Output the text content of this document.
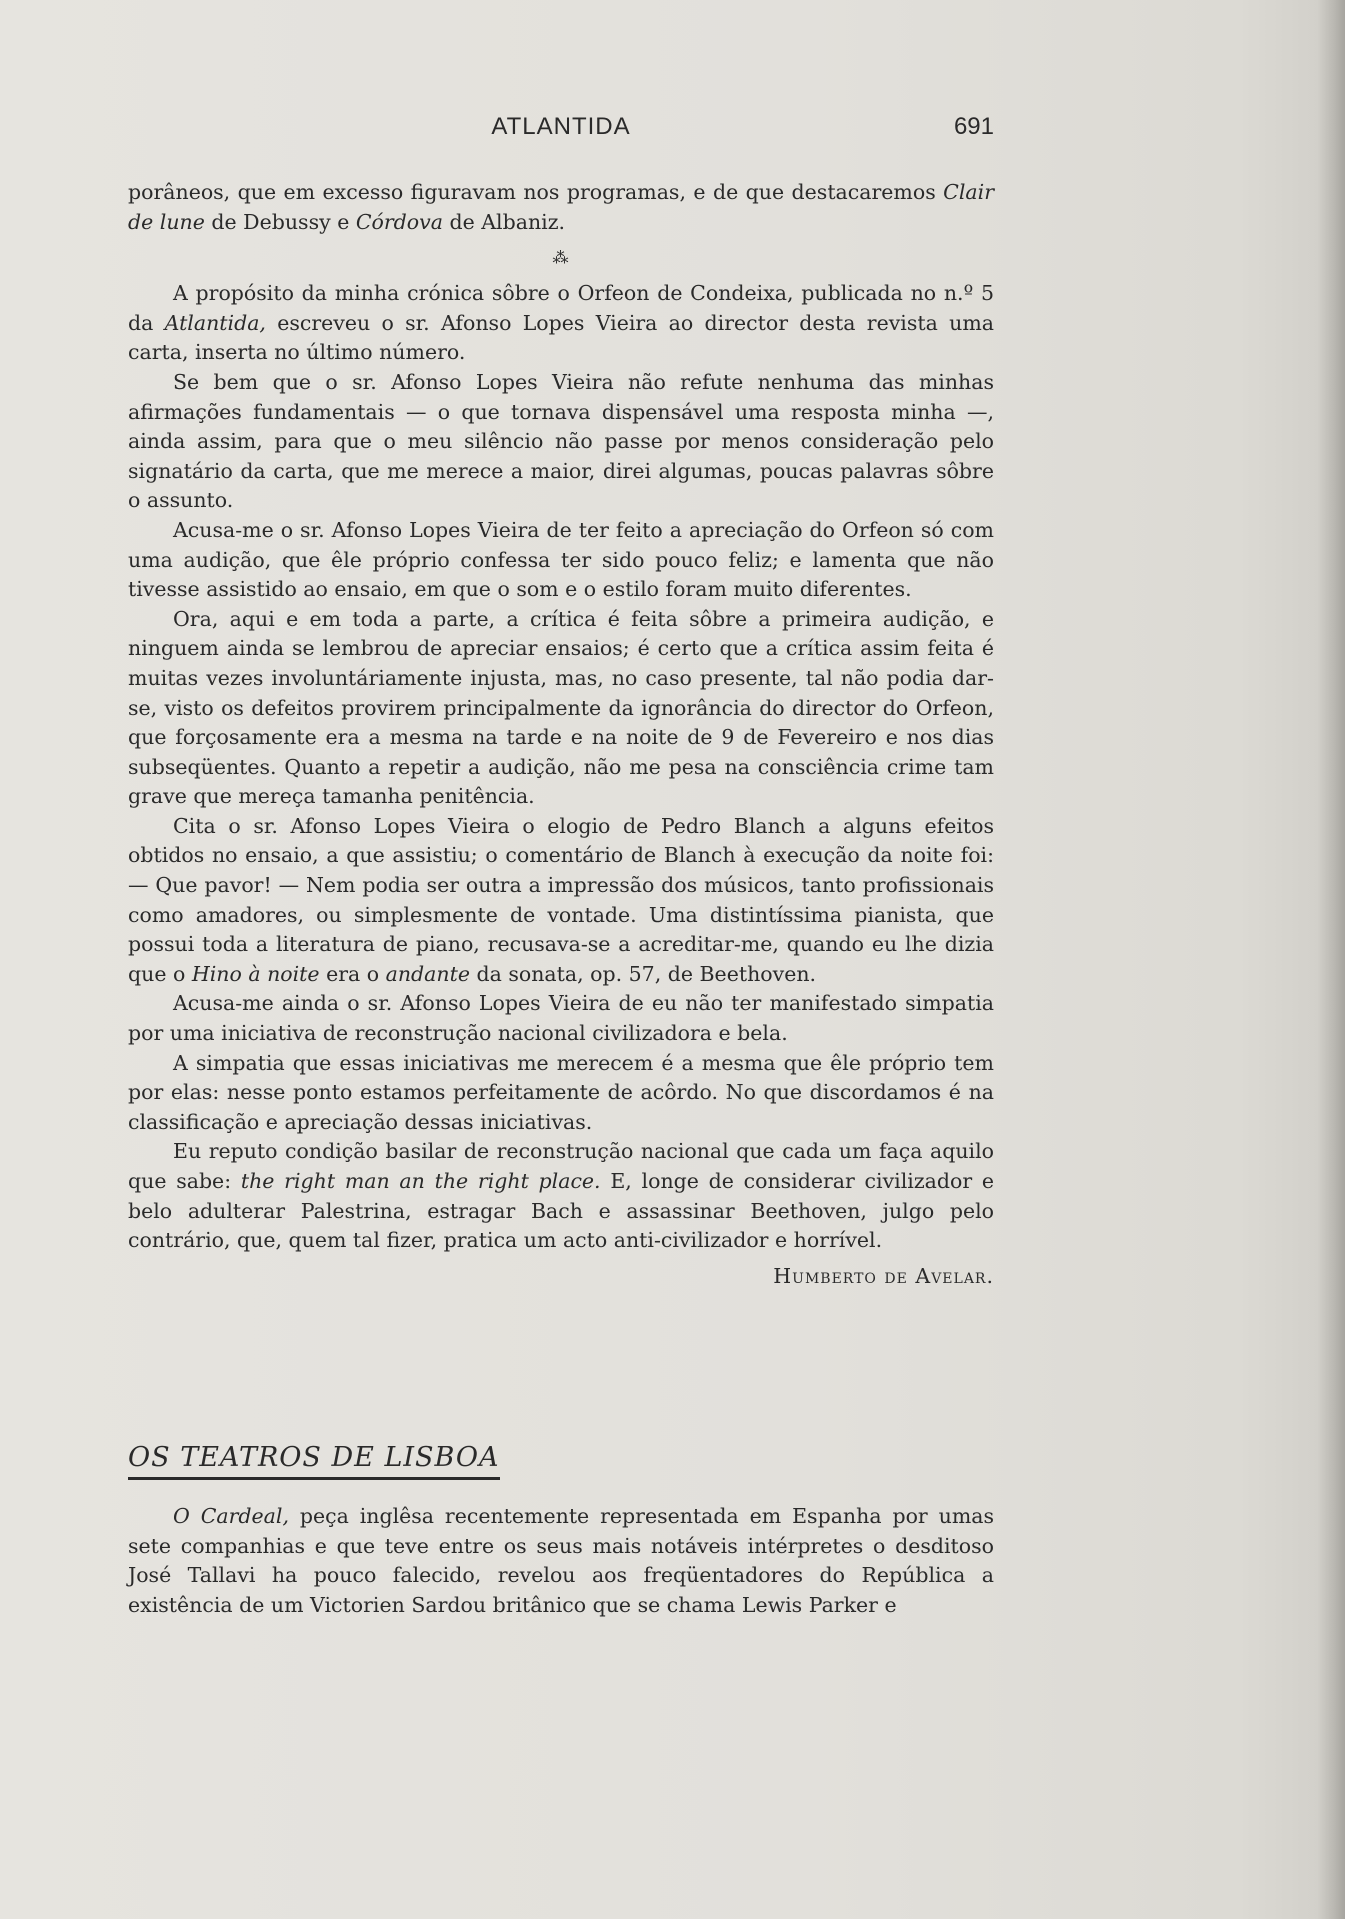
ATLANTIDA	691

porâneos, que em excesso figuravam nos programas, e de que destacaremos Clair de lune de Debussy e Córdova de Albaniz.

⁂

A propósito da minha crónica sôbre o Orfeon de Condeixa, publicada no n.º 5 da Atlantida, escreveu o sr. Afonso Lopes Vieira ao director desta revista uma carta, inserta no último número.

Se bem que o sr. Afonso Lopes Vieira não refute nenhuma das minhas afirmações fundamentais — o que tornava dispensável uma resposta minha —, ainda assim, para que o meu silêncio não passe por menos consideração pelo signatário da carta, que me merece a maior, direi algumas, poucas palavras sôbre o assunto.

Acusa-me o sr. Afonso Lopes Vieira de ter feito a apreciação do Orfeon só com uma audição, que êle próprio confessa ter sido pouco feliz; e lamenta que não tivesse assistido ao ensaio, em que o som e o estilo foram muito diferentes.

Ora, aqui e em toda a parte, a crítica é feita sôbre a primeira audição, e ninguem ainda se lembrou de apreciar ensaios; é certo que a crítica assim feita é muitas vezes involuntáriamente injusta, mas, no caso presente, tal não podia dar-se, visto os defeitos provirem principalmente da ignorância do director do Orfeon, que forçosamente era a mesma na tarde e na noite de 9 de Fevereiro e nos dias subseqüentes. Quanto a repetir a audição, não me pesa na consciência crime tam grave que mereça tamanha penitência.

Cita o sr. Afonso Lopes Vieira o elogio de Pedro Blanch a alguns efeitos obtidos no ensaio, a que assistiu; o comentário de Blanch à execução da noite foi: — Que pavor! — Nem podia ser outra a impressão dos músicos, tanto profissionais como amadores, ou simplesmente de vontade. Uma distintíssima pianista, que possui toda a literatura de piano, recusava-se a acreditar-me, quando eu lhe dizia que o Hino à noite era o andante da sonata, op. 57, de Beethoven.

Acusa-me ainda o sr. Afonso Lopes Vieira de eu não ter manifestado simpatia por uma iniciativa de reconstrução nacional civilizadora e bela.

A simpatia que essas iniciativas me merecem é a mesma que êle próprio tem por elas: nesse ponto estamos perfeitamente de acôrdo. No que discordamos é na classificação e apreciação dessas iniciativas.

Eu reputo condição basilar de reconstrução nacional que cada um faça aquilo que sabe: the right man an the right place. E, longe de considerar civilizador e belo adulterar Palestrina, estragar Bach e assassinar Beethoven, julgo pelo contrário, que, quem tal fizer, pratica um acto anti-civilizador e horrível.

Humberto de Avelar.
OS TEATROS DE LISBOA

O Cardeal, peça inglêsa recentemente representada em Espanha por umas sete companhias e que teve entre os seus mais notáveis intérpretes o desditoso José Tallavi ha pouco falecido, revelou aos freqüentadores do República a existência de um Victorien Sardou britânico que se chama Lewis Parker e
